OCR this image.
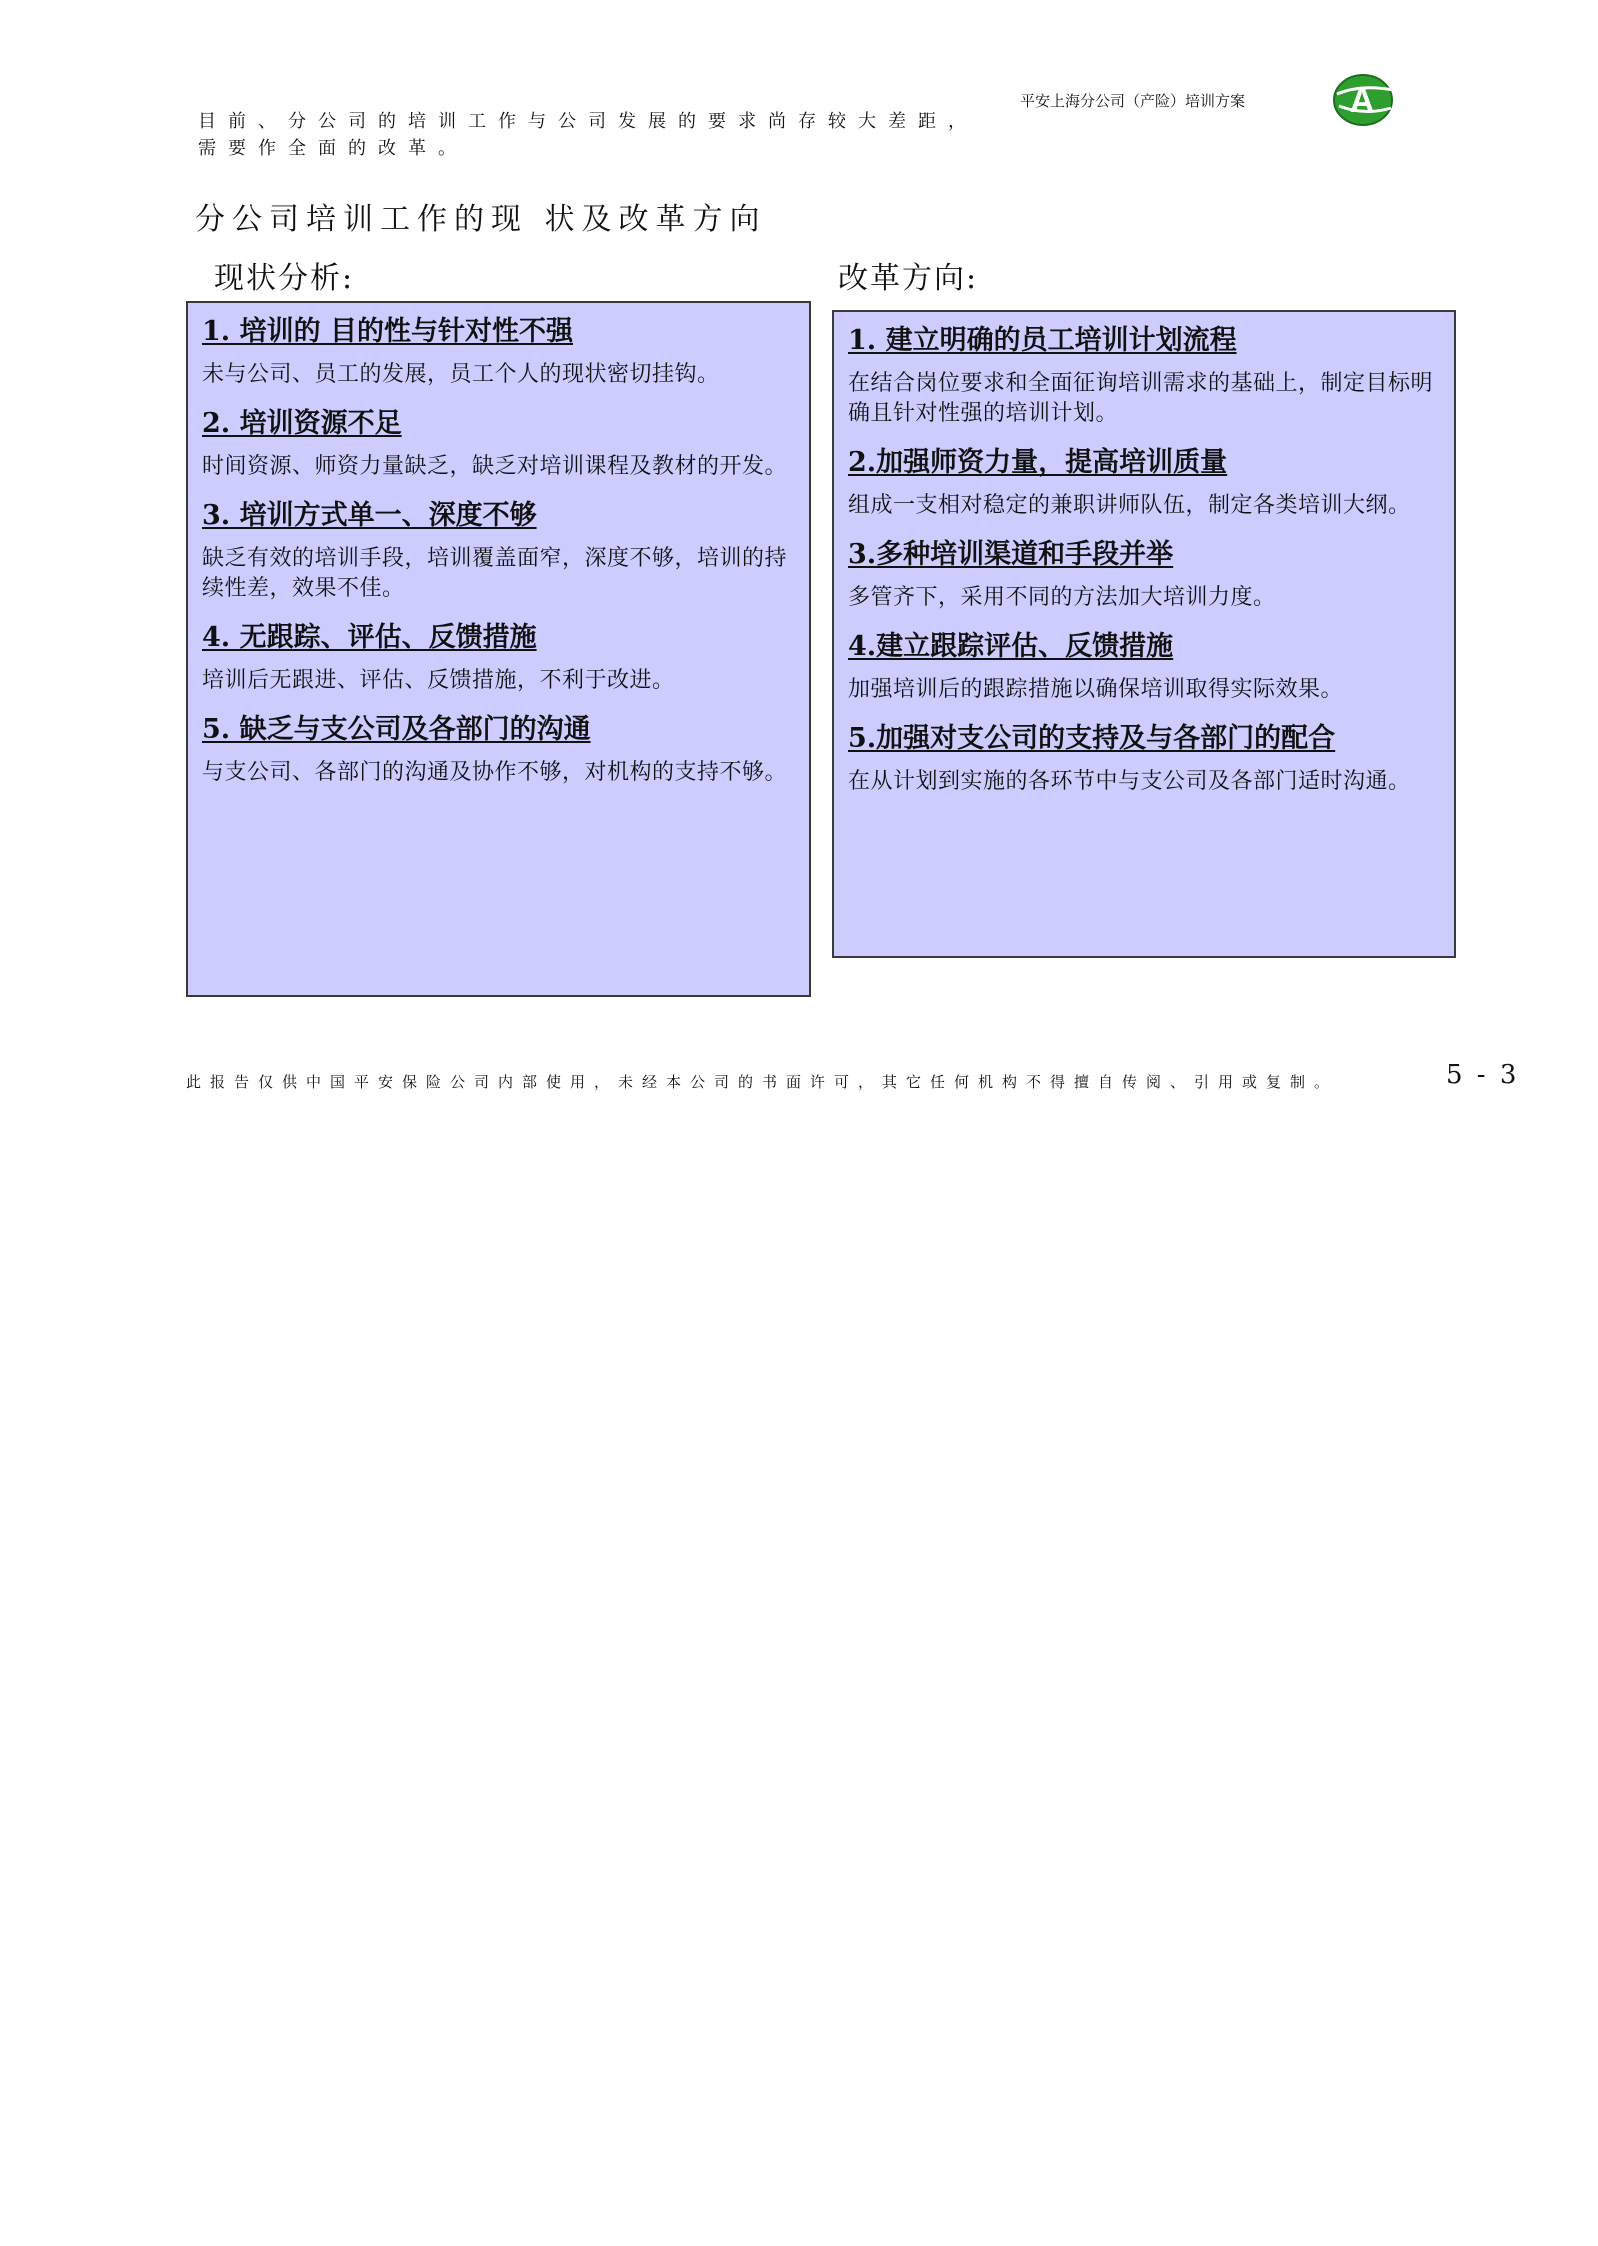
目前、分公司的培训工作与公司发展的要求尚存较大差距，
需要作全面的改革。
平安上海分公司（产险）培训方案	A
分公司培训工作的现 状及改革方向
现状分析:	改革方向:
1. 培训的 目的性与针对性不强
未与公司、员工的发展，员工个人的现状密切挂钩。
2. 培训资源不足
时间资源、师资力量缺乏，缺乏对培训课程及教材的开发。
3. 培训方式单一、深度不够
缺乏有效的培训手段，培训覆盖面窄，深度不够，培训的持续性差，效果不佳。
4. 无跟踪、评估、反馈措施
培训后无跟进、评估、反馈措施，不利于改进。
5. 缺乏与支公司及各部门的沟通
与支公司、各部门的沟通及协作不够，对机构的支持不够。
1. 建立明确的员工培训计划流程
在结合岗位要求和全面征询培训需求的基础上，制定目标明确且针对性强的培训计划。
2.加强师资力量，提高培训质量
组成一支相对稳定的兼职讲师队伍，制定各类培训大纲。
3.多种培训渠道和手段并举
多管齐下，采用不同的方法加大培训力度。
4.建立跟踪评估、反馈措施
加强培训后的跟踪措施以确保培训取得实际效果。
5.加强对支公司的支持及与各部门的配合
在从计划到实施的各环节中与支公司及各部门适时沟通。
此报告仅供中国平安保险公司内部使用，未经本公司的书面许可，其它任何机构不得擅自传阅、引用或复制。	5 - 3
